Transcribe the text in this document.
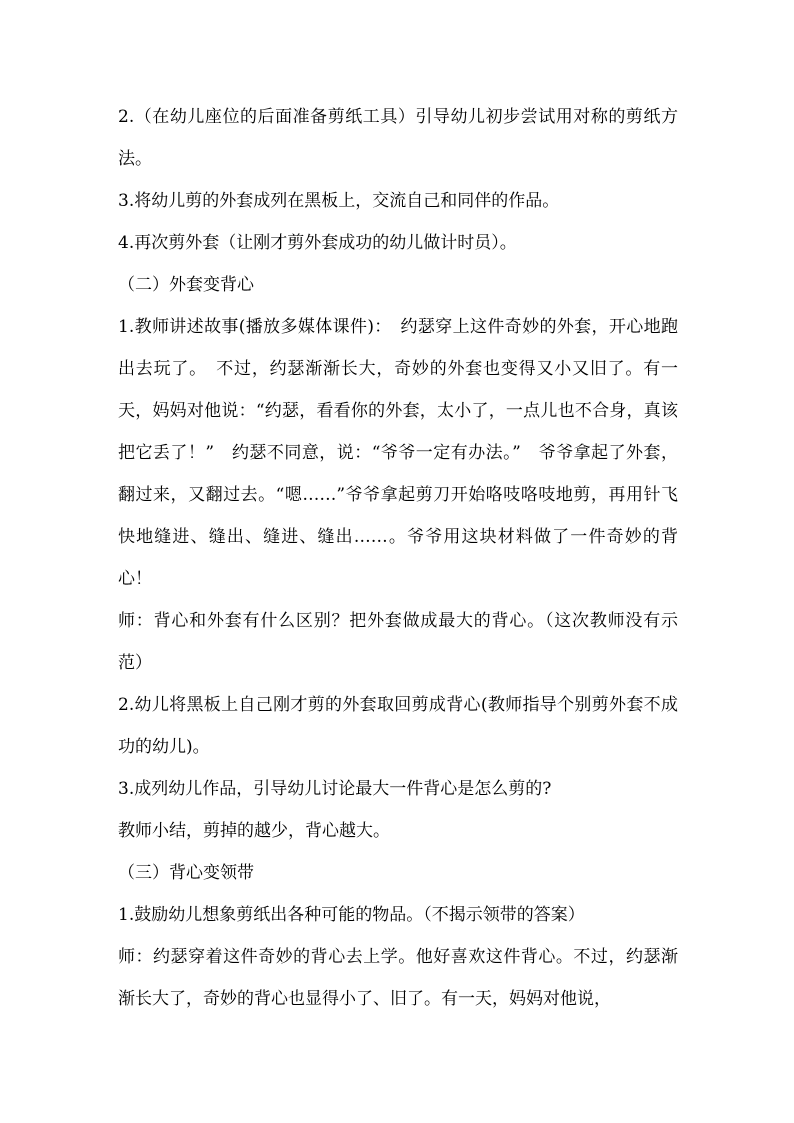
2.（在幼儿座位的后面准备剪纸工具）引导幼儿初步尝试用对称的剪纸方法。

3.将幼儿剪的外套成列在黑板上，交流自己和同伴的作品。

4.再次剪外套（让刚才剪外套成功的幼儿做计时员）。

（二）外套变背心

1.教师讲述故事(播放多媒体课件)：　约瑟穿上这件奇妙的外套，开心地跑出去玩了。　不过，约瑟渐渐长大，奇妙的外套也变得又小又旧了。有一天，妈妈对他说：“约瑟，看看你的外套，太小了，一点儿也不合身，真该把它丢了！”　约瑟不同意，说：“爷爷一定有办法。”　爷爷拿起了外套，翻过来，又翻过去。“嗯……”爷爷拿起剪刀开始咯吱咯吱地剪，再用针飞快地缝进、缝出、缝进、缝出……。爷爷用这块材料做了一件奇妙的背心！

师：背心和外套有什么区别？把外套做成最大的背心。（这次教师没有示范）

2.幼儿将黑板上自己刚才剪的外套取回剪成背心(教师指导个别剪外套不成功的幼儿)。

3.成列幼儿作品，引导幼儿讨论最大一件背心是怎么剪的?

教师小结，剪掉的越少，背心越大。

（三）背心变领带

1.鼓励幼儿想象剪纸出各种可能的物品。（不揭示领带的答案）

师：约瑟穿着这件奇妙的背心去上学。他好喜欢这件背心。不过，约瑟渐渐长大了，奇妙的背心也显得小了、旧了。有一天，妈妈对他说，
